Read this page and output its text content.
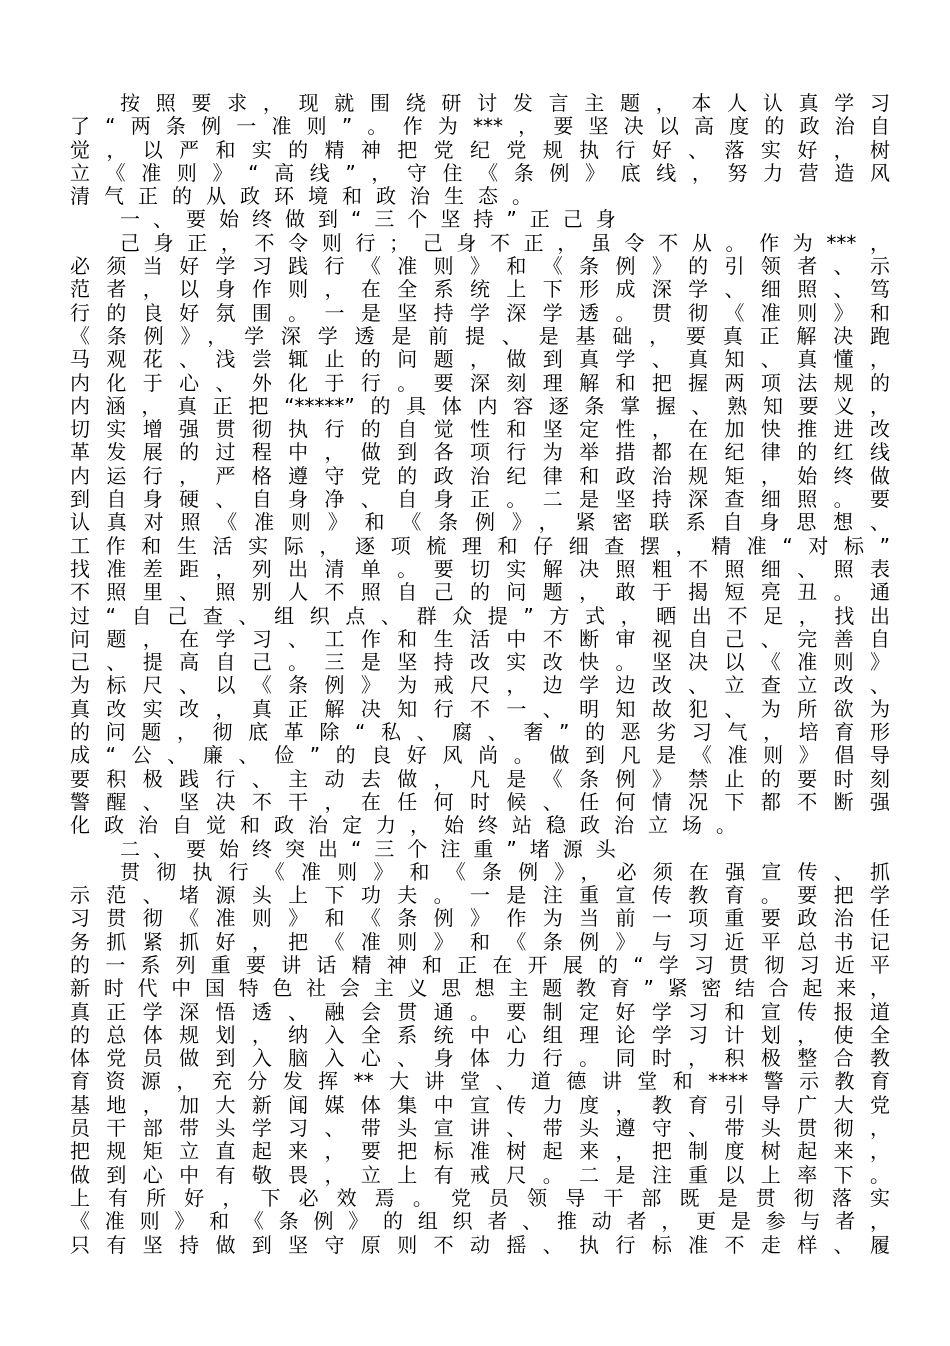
按照要求，现就围绕研讨发言主题，本人认真学习
了“两条例一准则”。作为***，要坚决以高度的政治自
觉，以严和实的精神把党纪党规执行好、落实好，树
立《准则》“高线”，守住《条例》底线，努力营造风
清气正的从政环境和政治生态。
一、要始终做到“三个坚持”正己身
己身正，不令则行；己身不正，虽令不从。作为***，
必须当好学习践行《准则》和《条例》的引领者、示
范者，以身作则，在全系统上下形成深学、细照、笃
行的良好氛围。一是坚持学深学透。贯彻《准则》和
《条例》，学深学透是前提、是基础，要真正解决跑
马观花、浅尝辄止的问题，做到真学、真知、真懂，
内化于心、外化于行。要深刻理解和把握两项法规的
内涵，真正把“*****”的具体内容逐条掌握、熟知要义，
切实增强贯彻执行的自觉性和坚定性，在加快推进改
革发展的过程中，做到各项行为举措都在纪律的红线
内运行，严格遵守党的政治纪律和政治规矩，始终做
到自身硬、自身净、自身正。二是坚持深查细照。要
认真对照《准则》和《条例》，紧密联系自身思想、
工作和生活实际，逐项梳理和仔细查摆，精准“对标”
找准差距，列出清单。要切实解决照粗不照细、照表
不照里、照别人不照自己的问题，敢于揭短亮丑。通
过“自己查、组织点、群众提”方式，晒出不足，找出
问题，在学习、工作和生活中不断审视自己、完善自
己、提高自己。三是坚持改实改快。坚决以《准则》
为标尺、以《条例》为戒尺，边学边改、立查立改、
真改实改，真正解决知行不一、明知故犯、为所欲为
的问题，彻底革除“私、腐、奢”的恶劣习气，培育形
成“公、廉、俭”的良好风尚。做到凡是《准则》倡导
要积极践行、主动去做，凡是《条例》禁止的要时刻
警醒、坚决不干，在任何时候、任何情况下都不断强
化政治自觉和政治定力，始终站稳政治立场。
二、要始终突出“三个注重”堵源头
贯彻执行《准则》和《条例》，必须在强宣传、抓
示范、堵源头上下功夫。一是注重宣传教育。要把学
习贯彻《准则》和《条例》作为当前一项重要政治任
务抓紧抓好，把《准则》和《条例》与习近平总书记
的一系列重要讲话精神和正在开展的“学习贯彻习近平
新时代中国特色社会主义思想主题教育”紧密结合起来，
真正学深悟透、融会贯通。要制定好学习和宣传报道
的总体规划，纳入全系统中心组理论学习计划，使全
体党员做到入脑入心、身体力行。同时，积极整合教
育资源，充分发挥**大讲堂、道德讲堂和****警示教育
基地，加大新闻媒体集中宣传力度，教育引导广大党
员干部带头学习、带头宣讲、带头遵守、带头贯彻，
把规矩立直起来，要把标准树起来，把制度树起来，
做到心中有敬畏，立上有戒尺。二是注重以上率下。
上有所好，下必效焉。党员领导干部既是贯彻落实
《准则》和《条例》的组织者、推动者，更是参与者，
只有坚持做到坚守原则不动摇、执行标准不走样、履
